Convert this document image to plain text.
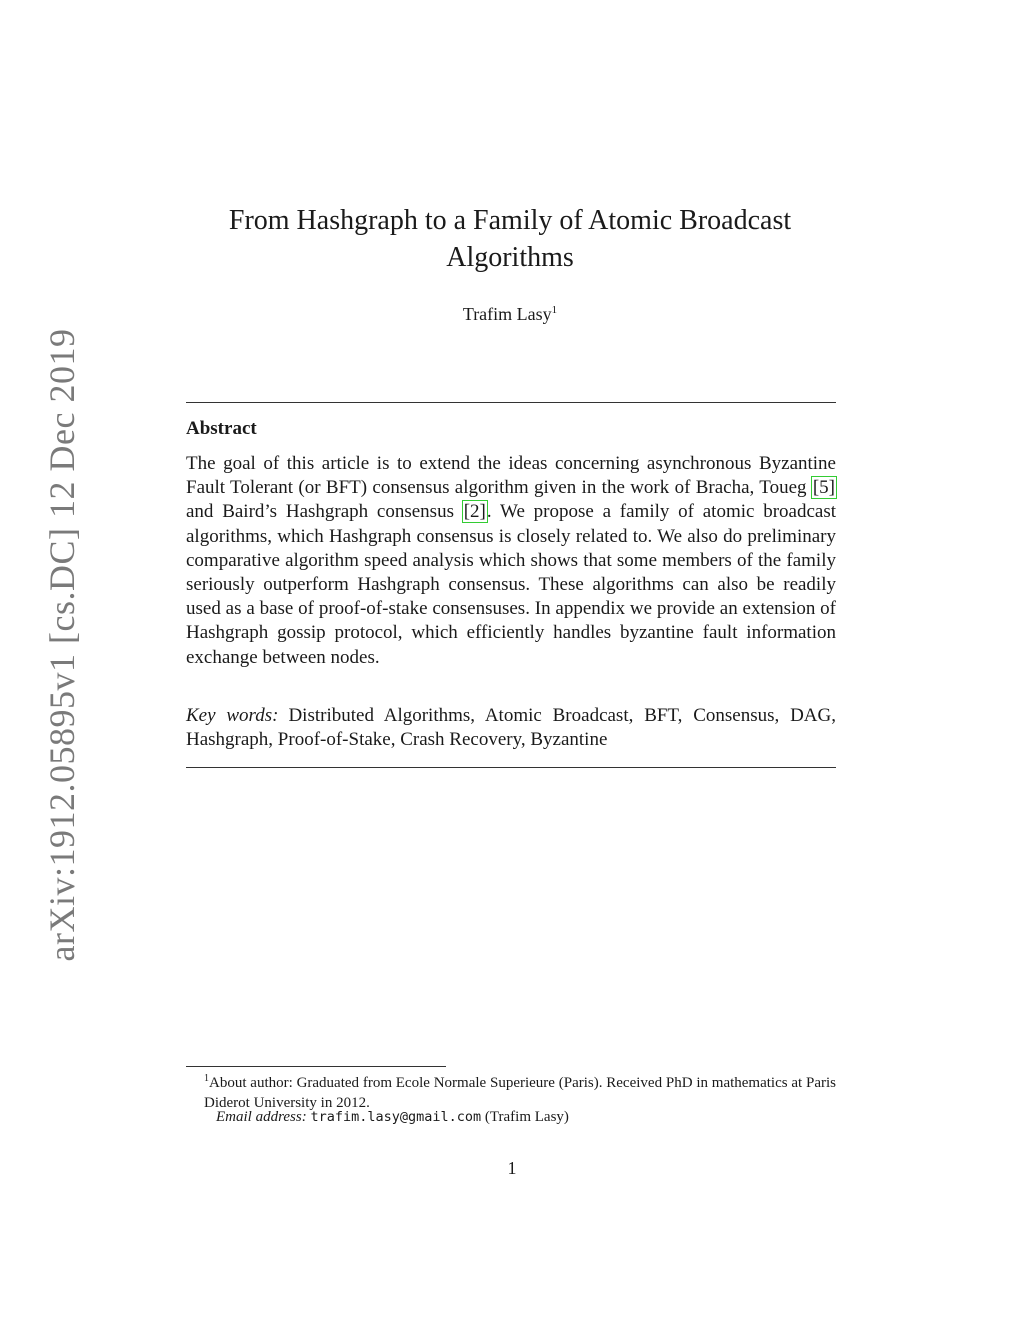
arXiv:1912.05895v1 [cs.DC] 12 Dec 2019
From Hashgraph to a Family of Atomic Broadcast
Algorithms
Trafim Lasy$^1$
Abstract
The goal of this article is to extend the ideas concerning asynchronous Byzantine Fault Tolerant (or BFT) consensus algorithm given in the work of Bracha, Toueg [5] and Baird’s Hashgraph consensus [2]. We propose a family of atomic broadcast algorithms, which Hashgraph consensus is closely related to. We also do preliminary comparative algorithm speed analysis which shows that some members of the family seriously outperform Hashgraph consensus. These algorithms can also be readily used as a base of proof-of-stake consensuses. In appendix we provide an extension of Hashgraph gossip protocol, which efficiently handles byzantine fault information exchange between nodes.
Key words: Distributed Algorithms, Atomic Broadcast, BFT, Consensus, DAG, Hashgraph, Proof-of-Stake, Crash Recovery, Byzantine
$^1$About author: Graduated from Ecole Normale Superieure (Paris). Received PhD in mathematics at Paris Diderot University in 2012.
Email address: trafim.lasy@gmail.com (Trafim Lasy)
1
